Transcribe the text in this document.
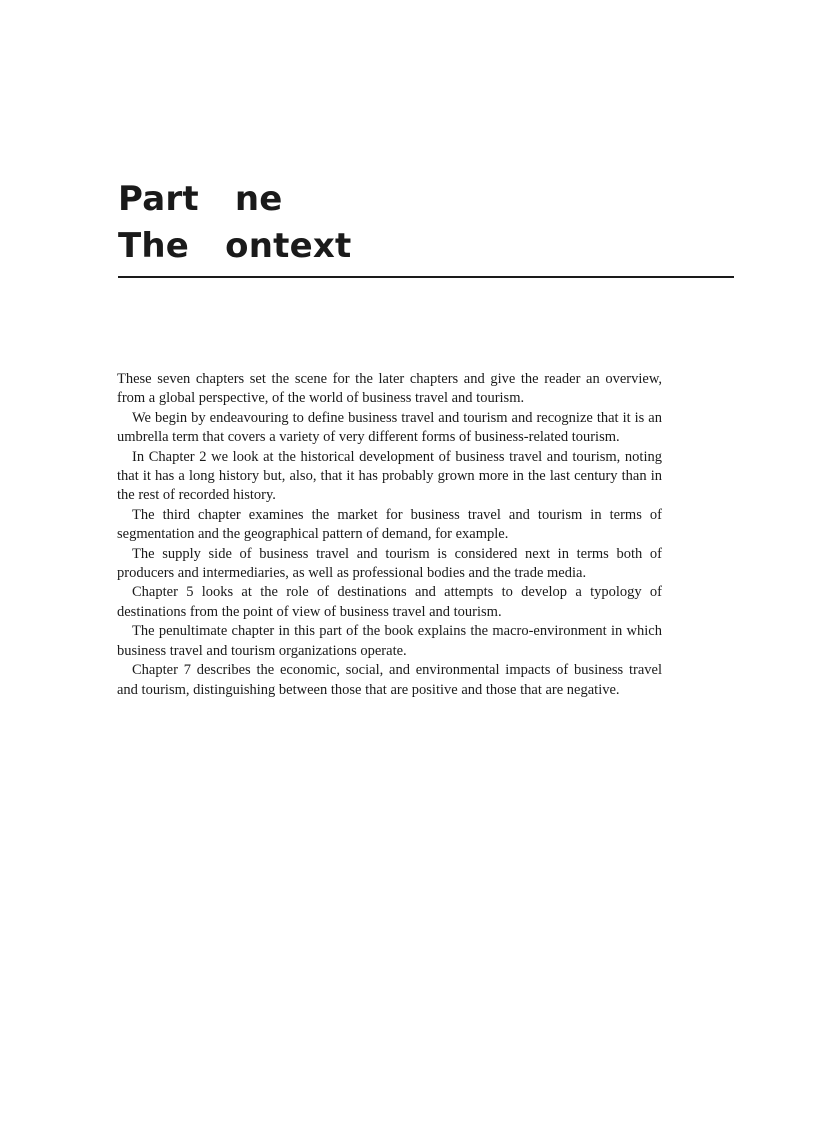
Part   ne
The   ontext

These seven chapters set the scene for the later chapters and give the reader an overview, from a global perspective, of the world of business travel and tourism.

We begin by endeavouring to define business travel and tourism and recognize that it is an umbrella term that covers a variety of very different forms of business-related tourism.

In Chapter 2 we look at the historical development of business travel and tourism, noting that it has a long history but, also, that it has probably grown more in the last century than in the rest of recorded history.

The third chapter examines the market for business travel and tourism in terms of segmentation and the geographical pattern of demand, for example.

The supply side of business travel and tourism is considered next in terms both of producers and intermediaries, as well as professional bodies and the trade media.

Chapter 5 looks at the role of destinations and attempts to develop a typology of destinations from the point of view of business travel and tourism.

The penultimate chapter in this part of the book explains the macro-environment in which business travel and tourism organizations operate.

Chapter 7 describes the economic, social, and environmental impacts of business travel and tourism, distinguishing between those that are positive and those that are negative.
